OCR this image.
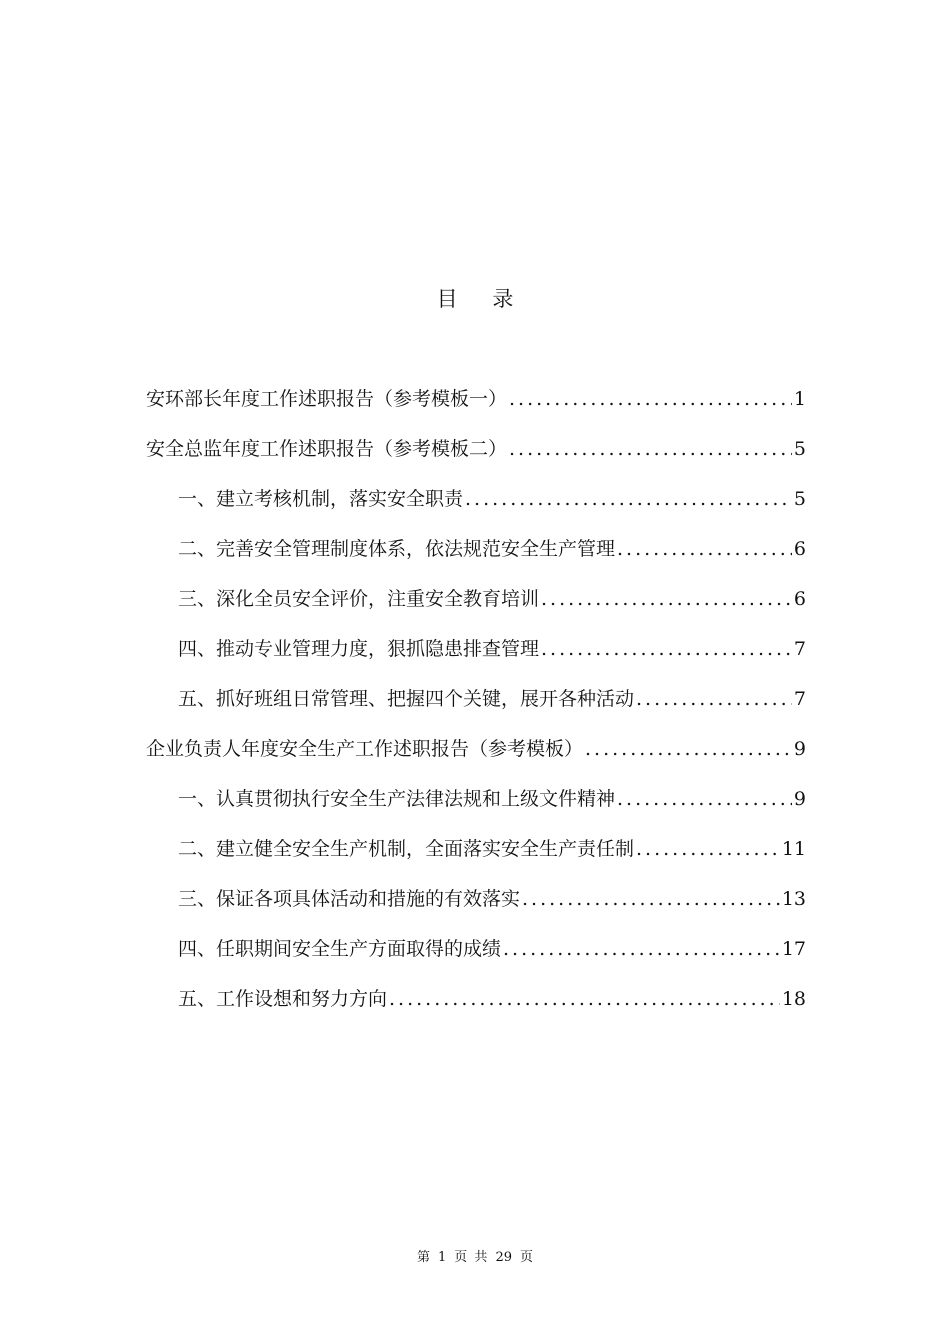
目 录
安环部长年度工作述职报告（参考模板一） .....	1
安全总监年度工作述职报告（参考模板二） .....	5
一、建立考核机制，落实安全职责 .....	5
二、完善安全管理制度体系，依法规范安全生产管理 .....	6
三、深化全员安全评价，注重安全教育培训 .....	6
四、推动专业管理力度，狠抓隐患排查管理 .....	7
五、抓好班组日常管理、把握四个关键，展开各种活动 .....	7
企业负责人年度安全生产工作述职报告（参考模板） .....	9
一、认真贯彻执行安全生产法律法规和上级文件精神 .....	9
二、建立健全安全生产机制，全面落实安全生产责任制 .....	11
三、保证各项具体活动和措施的有效落实 .....	13
四、任职期间安全生产方面取得的成绩 .....	17
五、工作设想和努力方向 .....	18
第 1 页 共 29 页
